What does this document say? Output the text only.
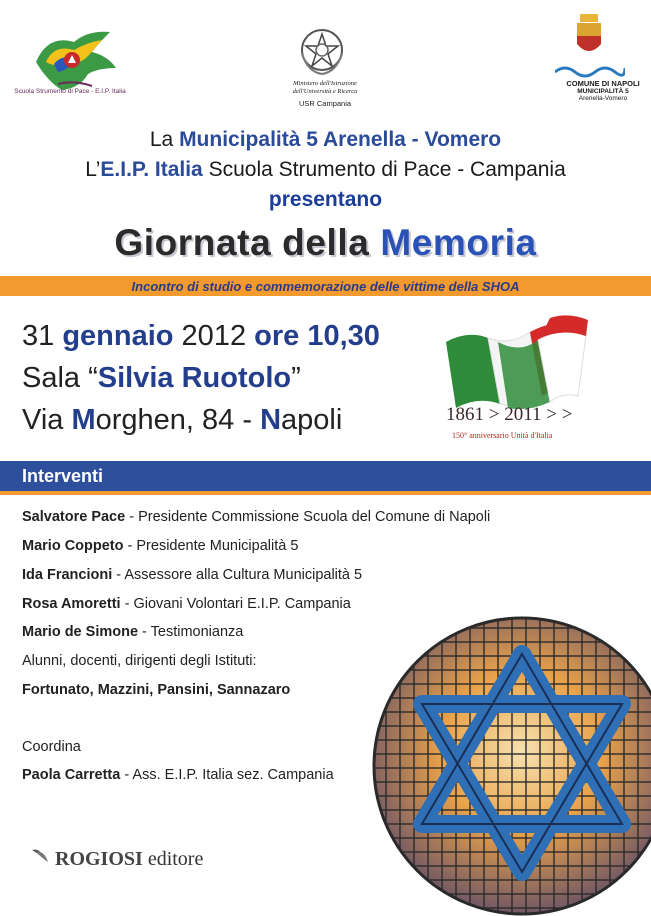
Scuola Strumento di Pace - E.I.P. Italia
Ministero dell'Istruzione
dell'Università e Ricerca
USR Campania
COMUNE DI NAPOLI
MUNICIPALITÀ 5
Arenella-Vomero
La Municipalità 5 Arenella - Vomero
L’E.I.P. Italia Scuola Strumento di Pace - Campania
presentano
Giornata della Memoria
Incontro di studio e commemorazione delle vittime della SHOA
31 gennaio 2012 ore 10,30
Sala “Silvia Ruotolo”
Via Morghen, 84 - Napoli	1861 > 2011 > >
150° anniversario Unità d'Italia
Interventi
Salvatore Pace - Presidente Commissione Scuola del Comune di Napoli
Mario Coppeto - Presidente Municipalità 5
Ida Francioni - Assessore alla Cultura Municipalità 5
Rosa Amoretti - Giovani Volontari E.I.P. Campania
Mario de Simone - Testimonianza
Alunni, docenti, dirigenti degli Istituti:
Fortunato, Mazzini, Pansini, Sannazaro
Coordina
Paola Carretta - Ass. E.I.P. Italia sez. Campania
ROGIOSI editore
